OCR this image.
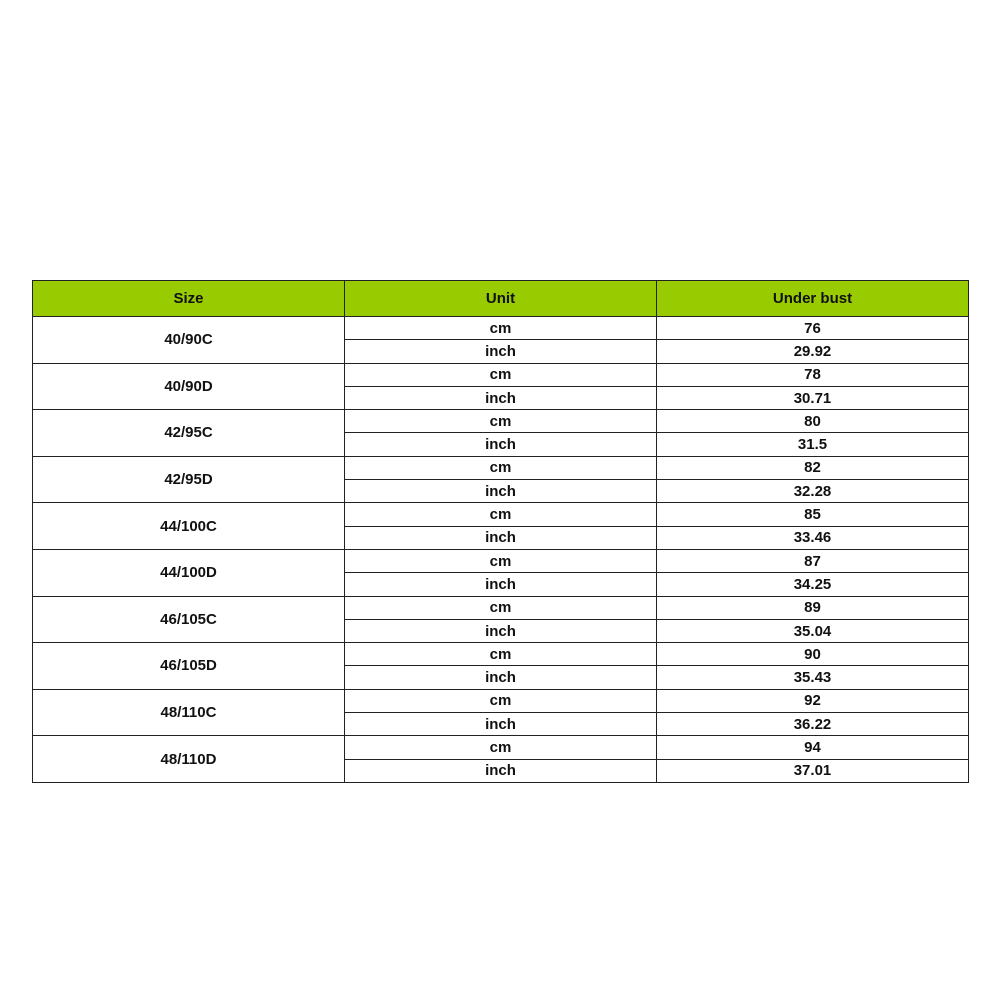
Size	Unit	Under bust
40/90C	cm	76
	inch	29.92
40/90D	cm	78
	inch	30.71
42/95C	cm	80
	inch	31.5
42/95D	cm	82
	inch	32.28
44/100C	cm	85
	inch	33.46
44/100D	cm	87
	inch	34.25
46/105C	cm	89
	inch	35.04
46/105D	cm	90
	inch	35.43
48/110C	cm	92
	inch	36.22
48/110D	cm	94
	inch	37.01
